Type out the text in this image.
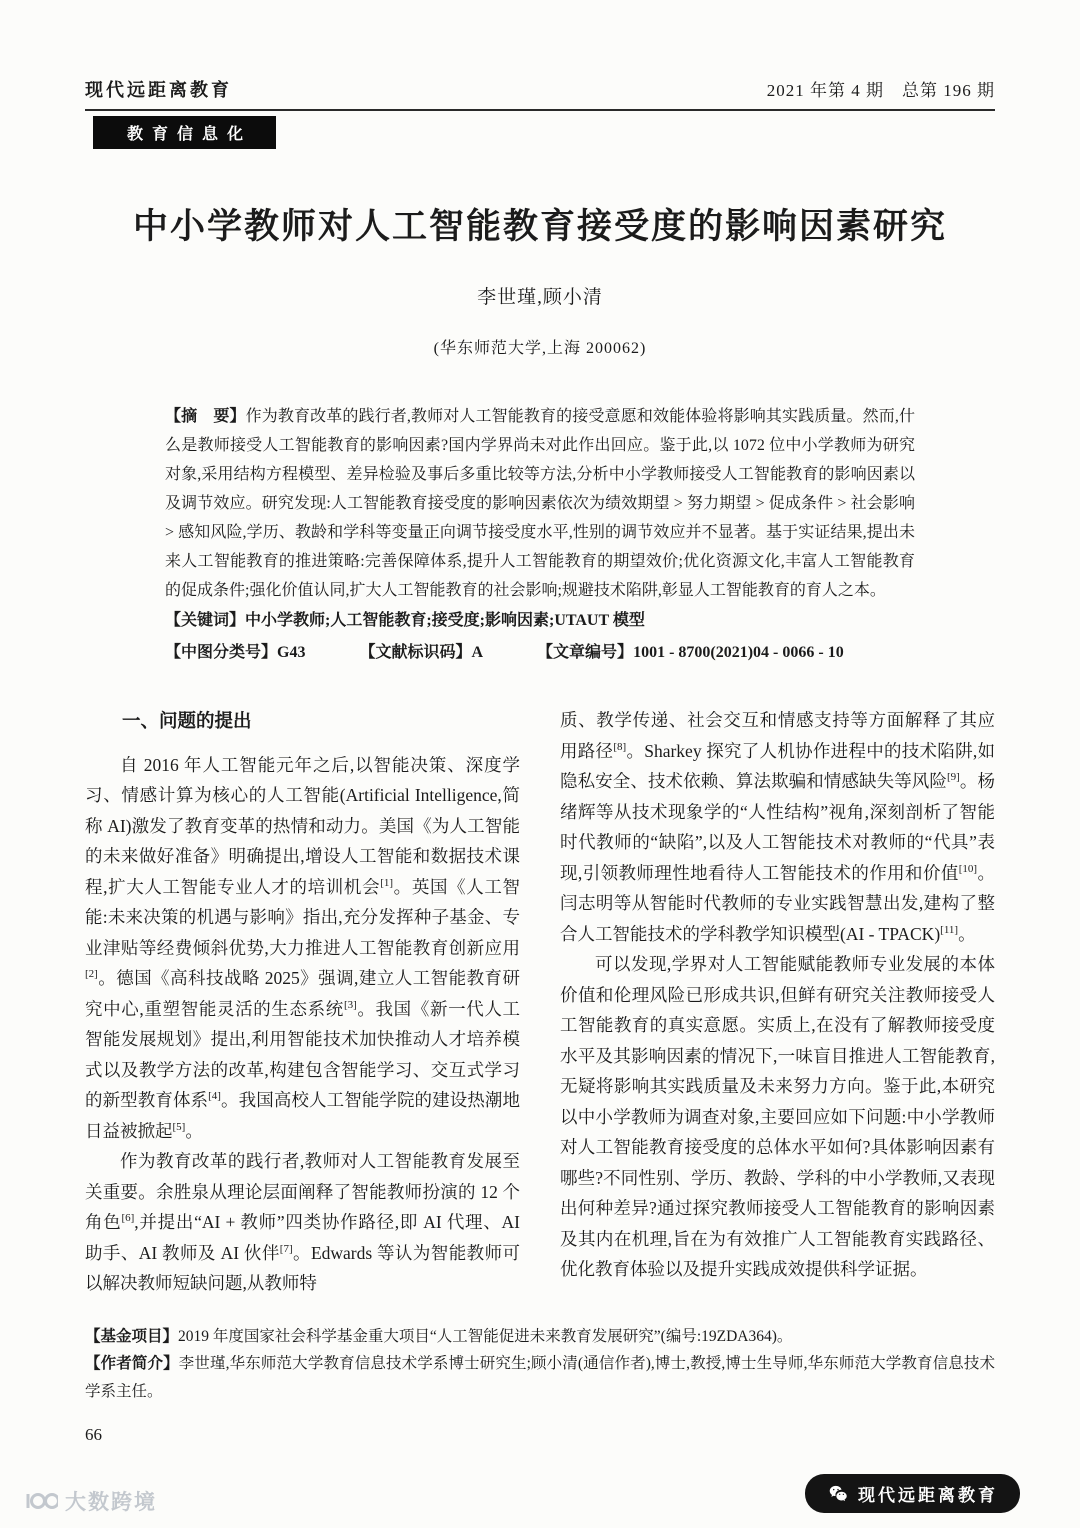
现代远距离教育	2021 年第 4 期　总第 196 期
教育信息化
中小学教师对人工智能教育接受度的影响因素研究
李世瑾,顾小清
(华东师范大学,上海 200062)
【摘　要】作为教育改革的践行者,教师对人工智能教育的接受意愿和效能体验将影响其实践质量。然而,什么是教师接受人工智能教育的影响因素?国内学界尚未对此作出回应。鉴于此,以 1072 位中小学教师为研究对象,采用结构方程模型、差异检验及事后多重比较等方法,分析中小学教师接受人工智能教育的影响因素以及调节效应。研究发现:人工智能教育接受度的影响因素依次为绩效期望 > 努力期望 > 促成条件 > 社会影响 > 感知风险,学历、教龄和学科等变量正向调节接受度水平,性别的调节效应并不显著。基于实证结果,提出未来人工智能教育的推进策略:完善保障体系,提升人工智能教育的期望效价;优化资源文化,丰富人工智能教育的促成条件;强化价值认同,扩大人工智能教育的社会影响;规避技术陷阱,彰显人工智能教育的育人之本。
【关键词】中小学教师;人工智能教育;接受度;影响因素;UTAUT 模型
【中图分类号】G43	【文献标识码】A	【文章编号】1001 - 8700(2021)04 - 0066 - 10
一、问题的提出

自 2016 年人工智能元年之后,以智能决策、深度学习、情感计算为核心的人工智能(Artificial Intelligence,简称 AI)激发了教育变革的热情和动力。美国《为人工智能的未来做好准备》明确提出,增设人工智能和数据技术课程,扩大人工智能专业人才的培训机会[1]。英国《人工智能:未来决策的机遇与影响》指出,充分发挥种子基金、专业津贴等经费倾斜优势,大力推进人工智能教育创新应用[2]。德国《高科技战略 2025》强调,建立人工智能教育研究中心,重塑智能灵活的生态系统[3]。我国《新一代人工智能发展规划》提出,利用智能技术加快推动人才培养模式以及教学方法的改革,构建包含智能学习、交互式学习的新型教育体系[4]。我国高校人工智能学院的建设热潮地日益被掀起[5]。

作为教育改革的践行者,教师对人工智能教育发展至关重要。余胜泉从理论层面阐释了智能教师扮演的 12 个角色[6],并提出“AI + 教师”四类协作路径,即 AI 代理、AI 助手、AI 教师及 AI 伙伴[7]。Edwards 等认为智能教师可以解决教师短缺问题,从教师特

质、教学传递、社会交互和情感支持等方面解释了其应用路径[8]。Sharkey 探究了人机协作进程中的技术陷阱,如隐私安全、技术依赖、算法欺骗和情感缺失等风险[9]。杨绪辉等从技术现象学的“人性结构”视角,深刻剖析了智能时代教师的“缺陷”,以及人工智能技术对教师的“代具”表现,引领教师理性地看待人工智能技术的作用和价值[10]。闫志明等从智能时代教师的专业实践智慧出发,建构了整合人工智能技术的学科教学知识模型(AI - TPACK)[11]。

可以发现,学界对人工智能赋能教师专业发展的本体价值和伦理风险已形成共识,但鲜有研究关注教师接受人工智能教育的真实意愿。实质上,在没有了解教师接受度水平及其影响因素的情况下,一味盲目推进人工智能教育,无疑将影响其实践质量及未来努力方向。鉴于此,本研究以中小学教师为调查对象,主要回应如下问题:中小学教师对人工智能教育接受度的总体水平如何?具体影响因素有哪些?不同性别、学历、教龄、学科的中小学教师,又表现出何种差异?通过探究教师接受人工智能教育的影响因素及其内在机理,旨在为有效推广人工智能教育实践路径、优化教育体验以及提升实践成效提供科学证据。

【基金项目】2019 年度国家社会科学基金重大项目“人工智能促进未来教育发展研究”(编号:19ZDA364)。

【作者简介】李世瑾,华东师范大学教育信息技术学系博士研究生;顾小清(通信作者),博士,教授,博士生导师,华东师范大学教育信息技术学系主任。

66
现代远距离教育
大数跨境
